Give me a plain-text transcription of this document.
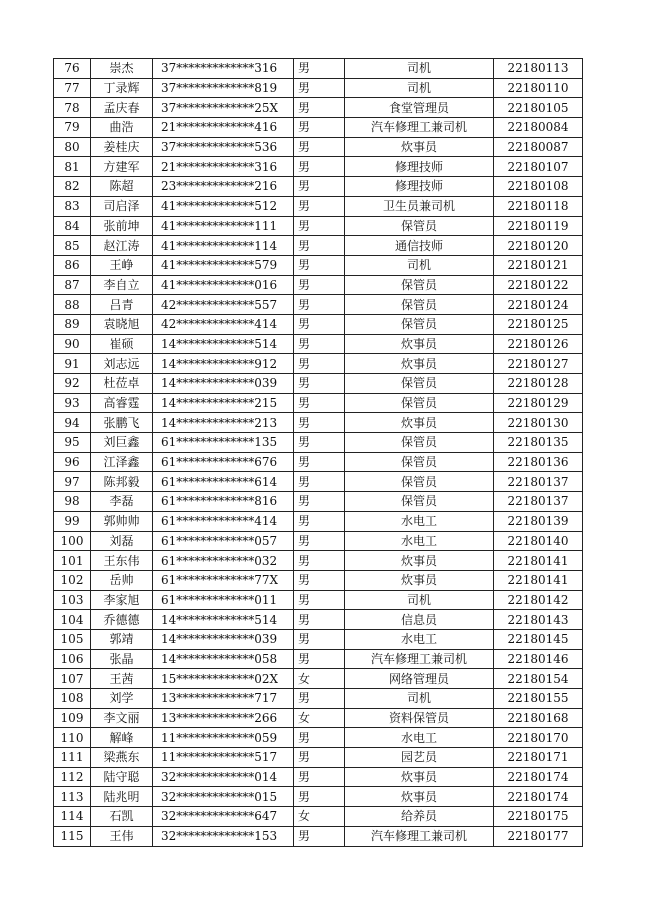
76	崇杰	37*************316	男	司机	22180113
77	丁录辉	37*************819	男	司机	22180110
78	孟庆春	37*************25X	男	食堂管理员	22180105
79	曲浩	21*************416	男	汽车修理工兼司机	22180084
80	姜桂庆	37*************536	男	炊事员	22180087
81	方建军	21*************316	男	修理技师	22180107
82	陈超	23*************216	男	修理技师	22180108
83	司启泽	41*************512	男	卫生员兼司机	22180118
84	张前坤	41*************111	男	保管员	22180119
85	赵江涛	41*************114	男	通信技师	22180120
86	王峥	41*************579	男	司机	22180121
87	李自立	41*************016	男	保管员	22180122
88	吕青	42*************557	男	保管员	22180124
89	袁晓旭	42*************414	男	保管员	22180125
90	崔硕	14*************514	男	炊事员	22180126
91	刘志远	14*************912	男	炊事员	22180127
92	杜莅卓	14*************039	男	保管员	22180128
93	高睿霆	14*************215	男	保管员	22180129
94	张鹏飞	14*************213	男	炊事员	22180130
95	刘巨鑫	61*************135	男	保管员	22180135
96	江泽鑫	61*************676	男	保管员	22180136
97	陈邦毅	61*************614	男	保管员	22180137
98	李磊	61*************816	男	保管员	22180137
99	郭帅帅	61*************414	男	水电工	22180139
100	刘磊	61*************057	男	水电工	22180140
101	王东伟	61*************032	男	炊事员	22180141
102	岳帅	61*************77X	男	炊事员	22180141
103	李家旭	61*************011	男	司机	22180142
104	乔德德	14*************514	男	信息员	22180143
105	郭靖	14*************039	男	水电工	22180145
106	张晶	14*************058	男	汽车修理工兼司机	22180146
107	王茜	15*************02X	女	网络管理员	22180154
108	刘学	13*************717	男	司机	22180155
109	李文丽	13*************266	女	资料保管员	22180168
110	解峰	11*************059	男	水电工	22180170
111	梁燕东	11*************517	男	园艺员	22180171
112	陆守聪	32*************014	男	炊事员	22180174
113	陆兆明	32*************015	男	炊事员	22180174
114	石凯	32*************647	女	给养员	22180175
115	王伟	32*************153	男	汽车修理工兼司机	22180177
